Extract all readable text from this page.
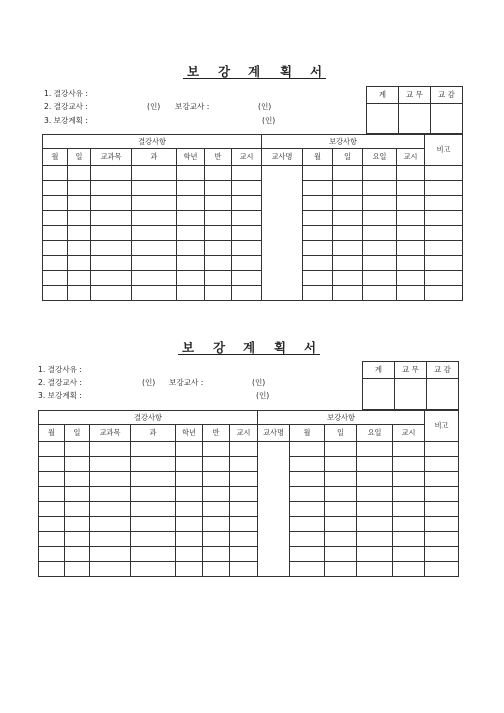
보 강 계 획 서
1. 결강사유 :
2. 결강교사 :	(인) 보강교사 :	(인)
3. 보강계획 :	(인)
계	교 무	교 감

결강사항							보강사항					비고
월	일	교과목	과	학년	반	교시	교사명	월	일	요일	교시	

보 강 계 획 서
1. 결강사유 :
2. 결강교사 :	(인) 보강교사 :	(인)
3. 보강계획 :	(인)
계	교 무	교 감

결강사항							보강사항					비고
월	일	교과목	과	학년	반	교시	교사명	월	일	요일	교시	
